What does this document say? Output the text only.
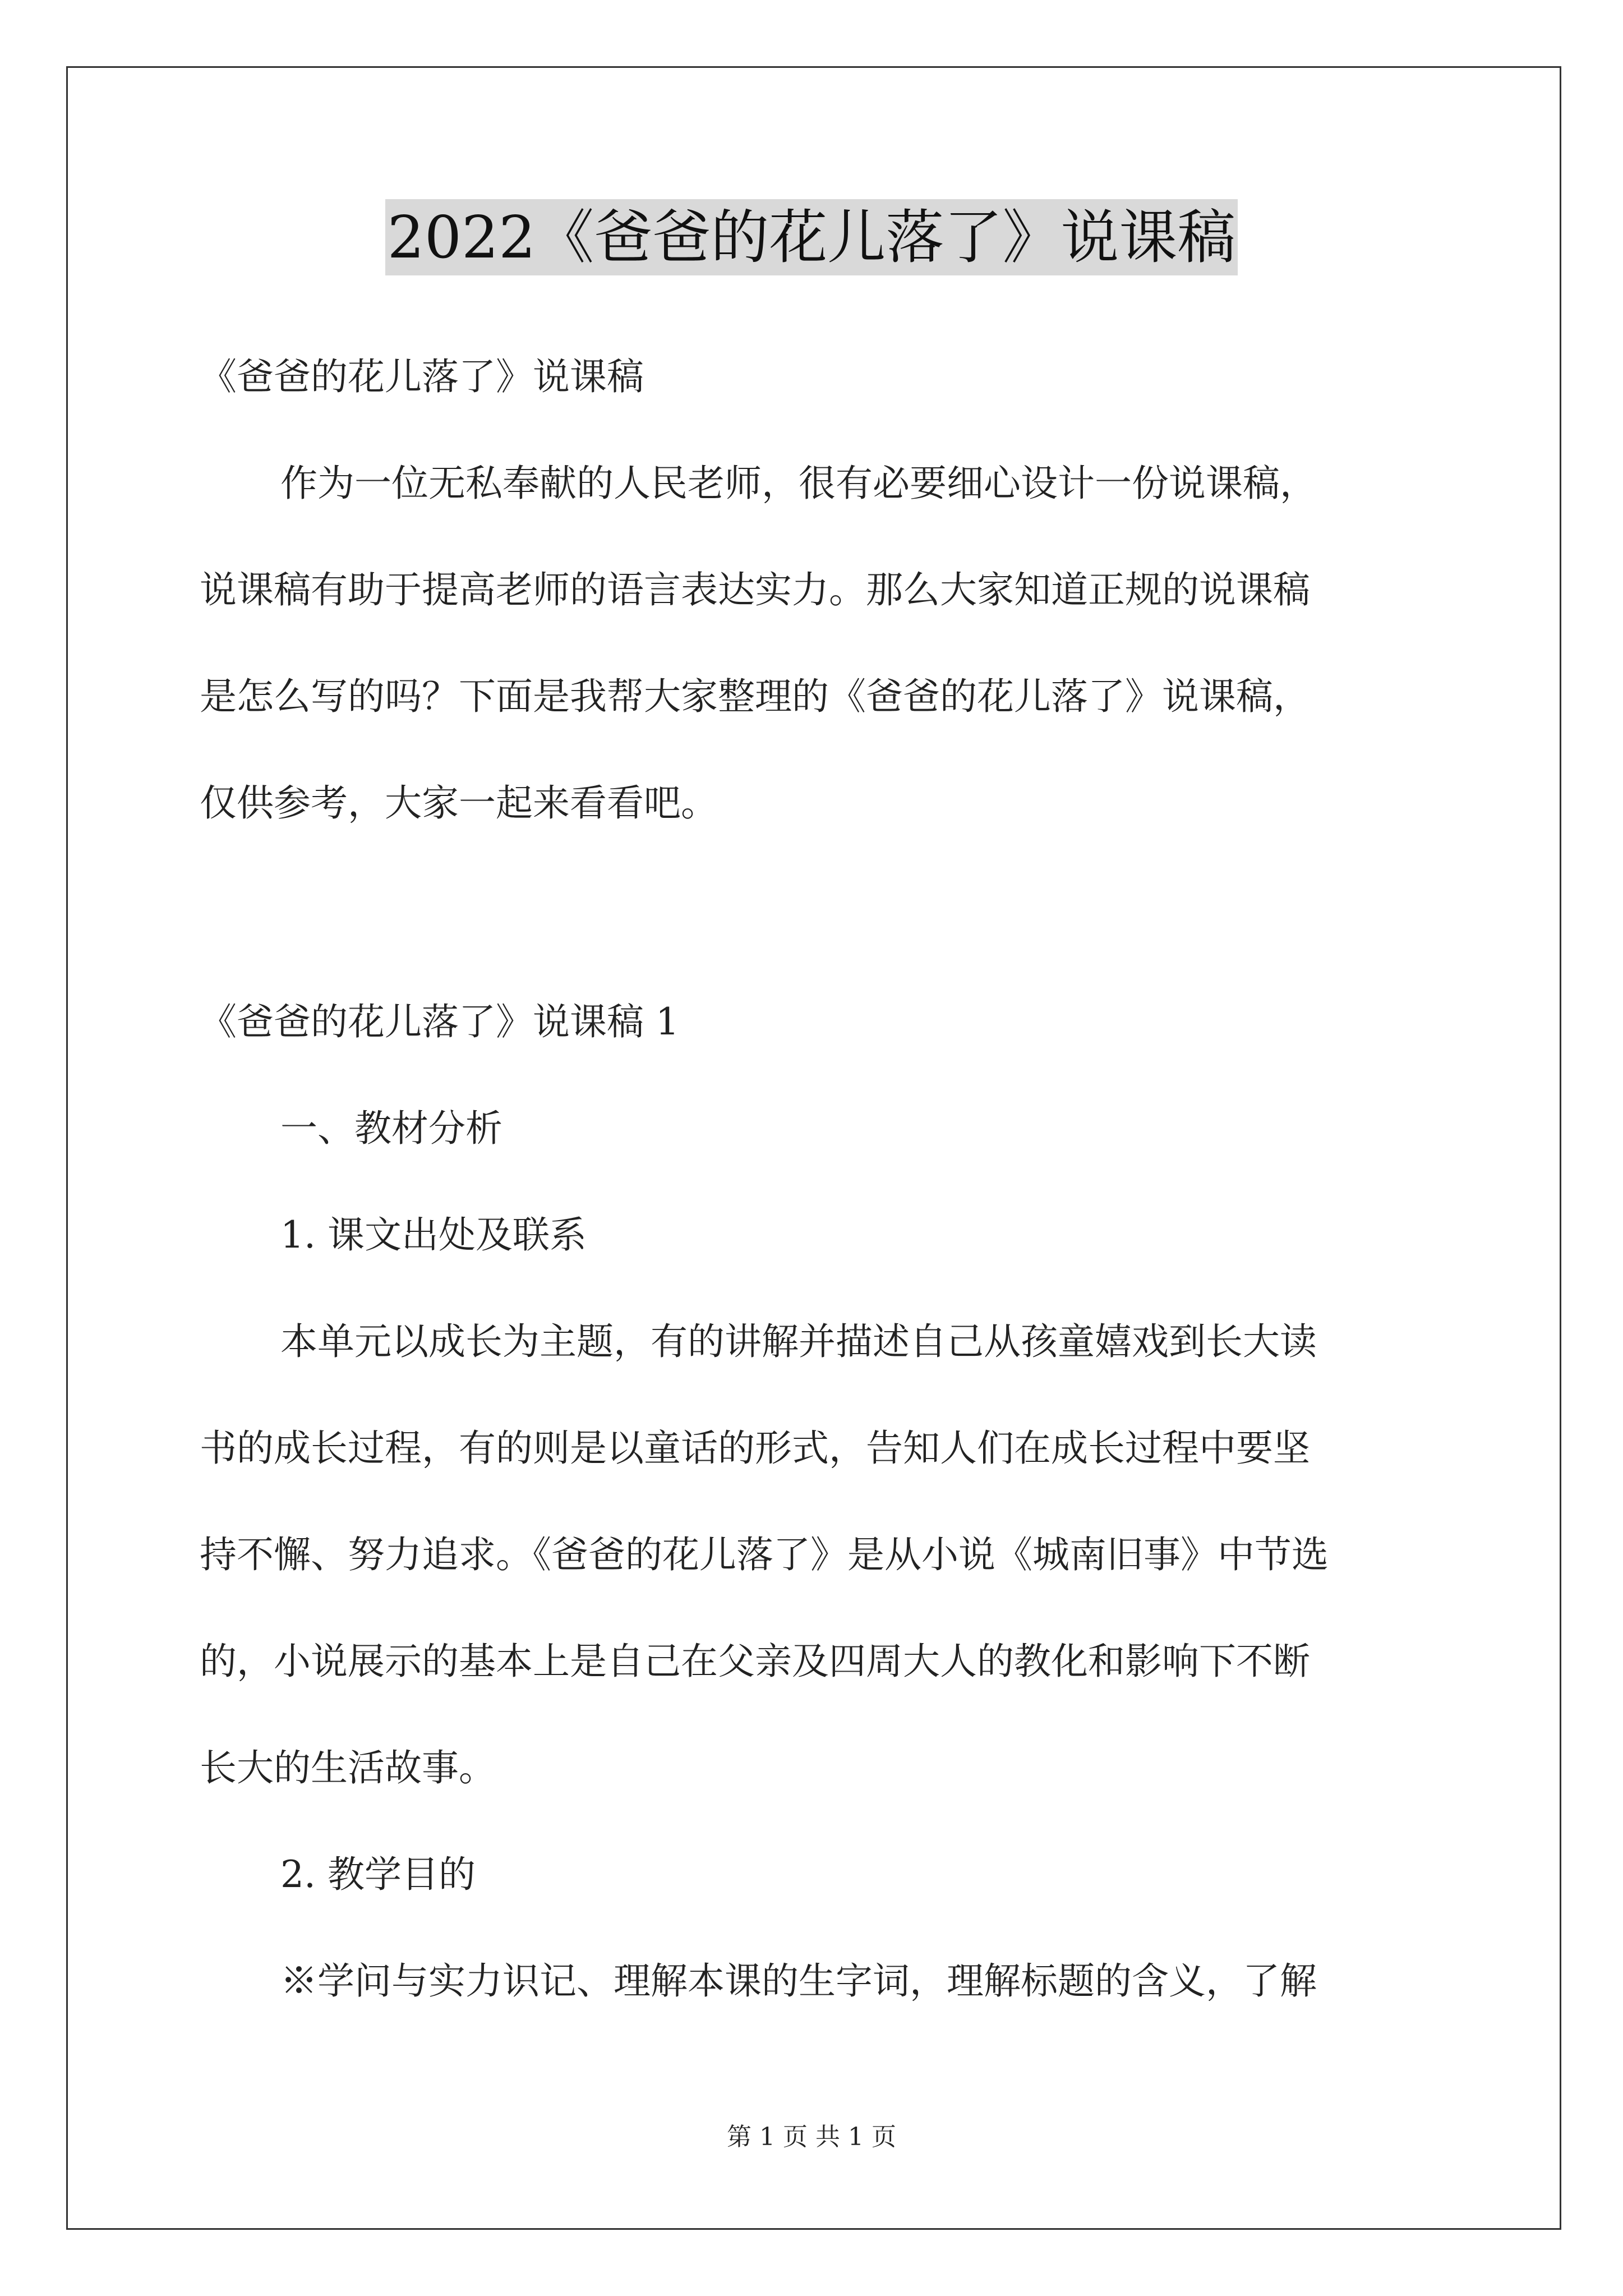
2022《爸爸的花儿落了》说课稿
《爸爸的花儿落了》说课稿
作为一位无私奉献的人民老师，很有必要细心设计一份说课稿，
说课稿有助于提高老师的语言表达实力。那么大家知道正规的说课稿
是怎么写的吗？下面是我帮大家整理的《爸爸的花儿落了》说课稿，
仅供参考，大家一起来看看吧。
《爸爸的花儿落了》说课稿 1
一、教材分析
1. 课文出处及联系
本单元以成长为主题，有的讲解并描述自己从孩童嬉戏到长大读
书的成长过程，有的则是以童话的形式，告知人们在成长过程中要坚
持不懈、努力追求。《爸爸的花儿落了》是从小说《城南旧事》中节选
的，小说展示的基本上是自己在父亲及四周大人的教化和影响下不断
长大的生活故事。
2. 教学目的
※学问与实力识记、理解本课的生字词，理解标题的含义，了解
第 1 页 共 1 页
